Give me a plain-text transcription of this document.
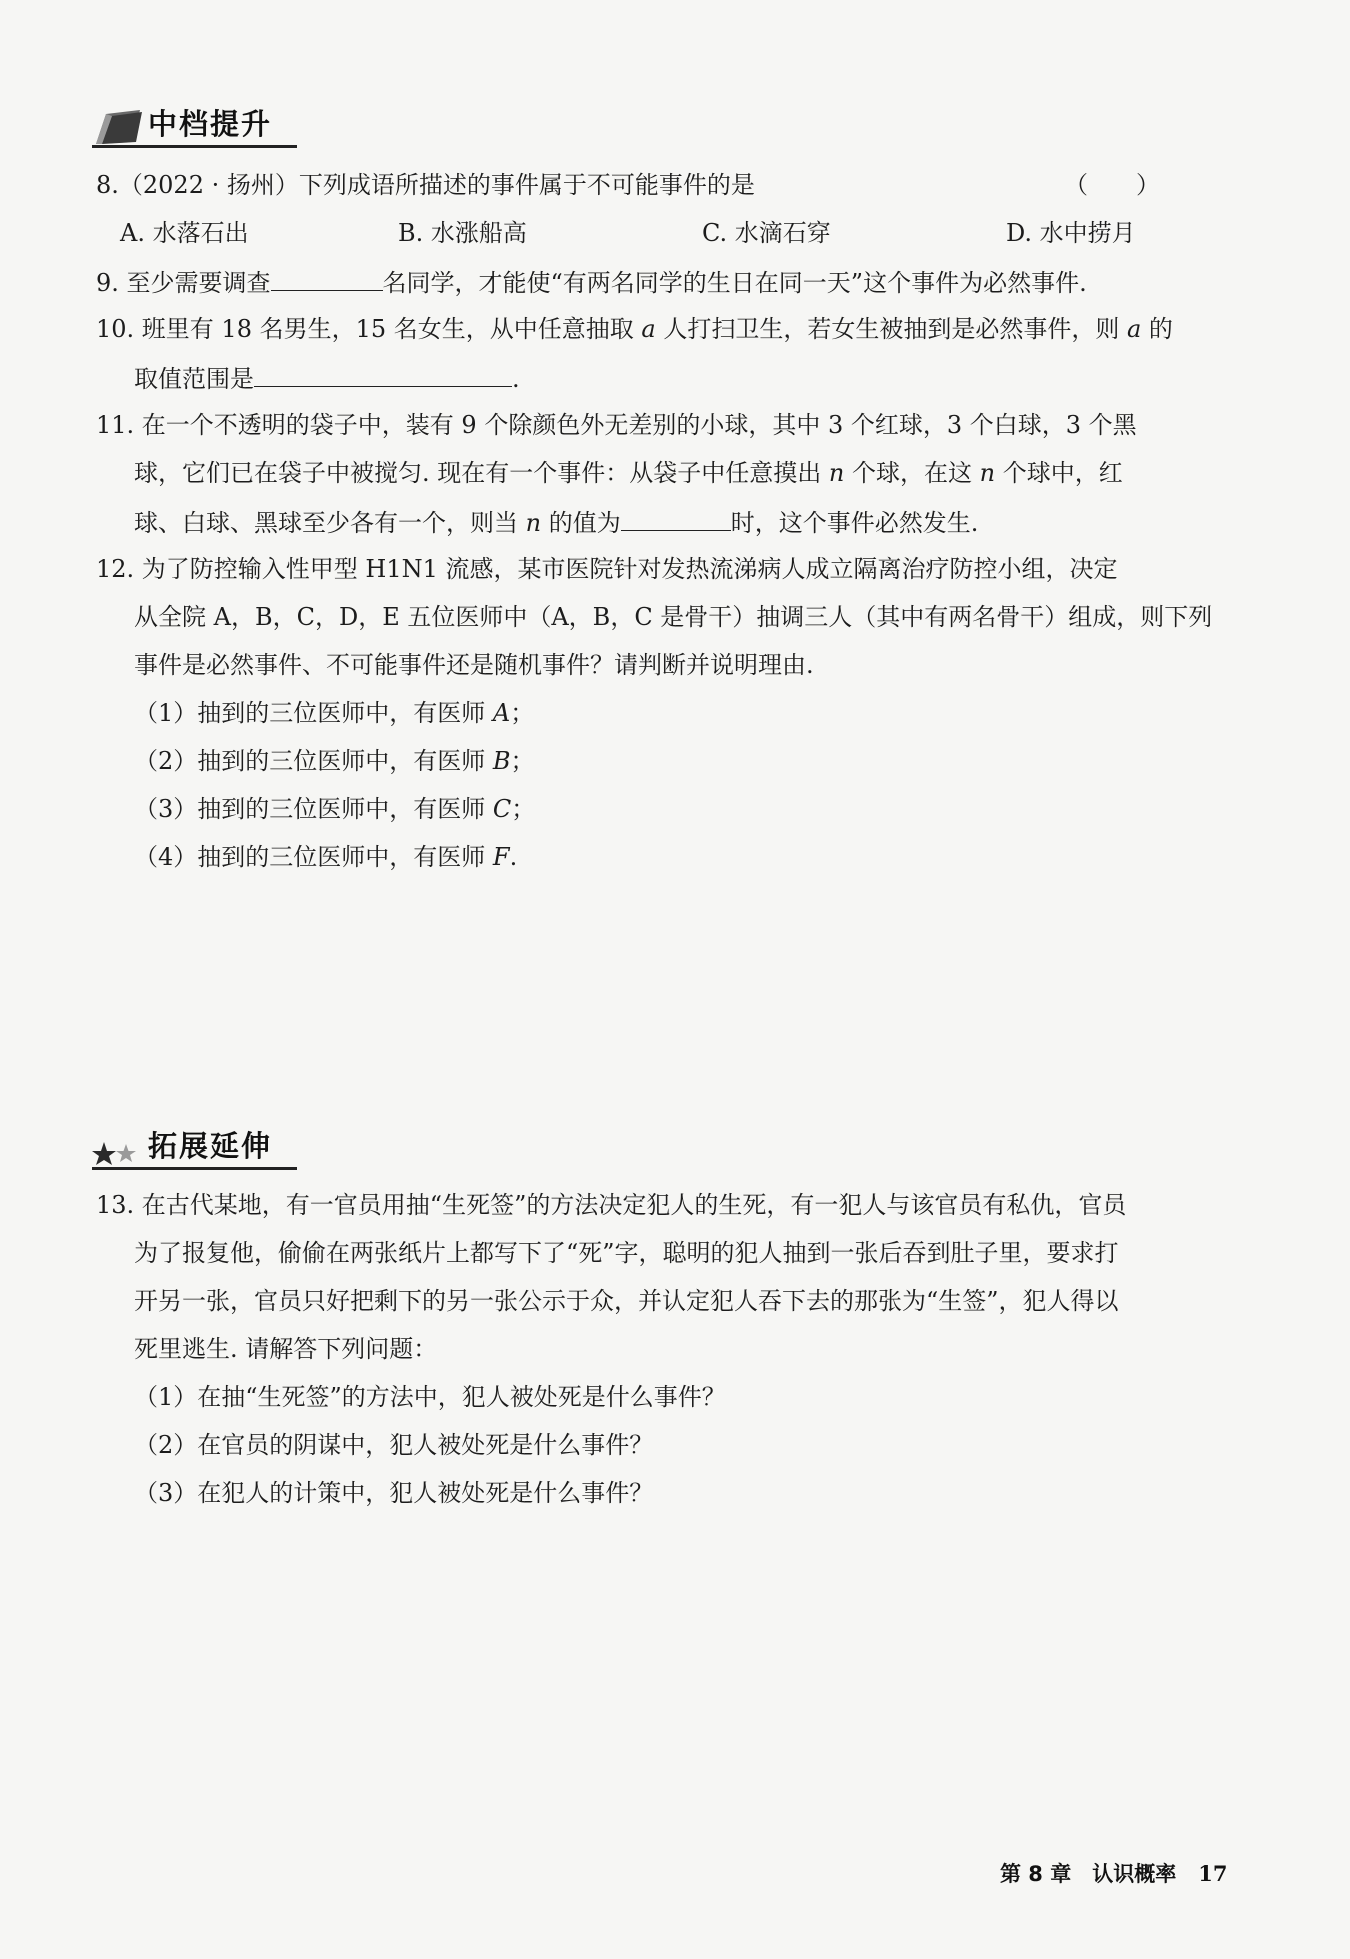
中档提升
8.（2022 · 扬州）下列成语所描述的事件属于不可能事件的是	（　　）
A. 水落石出	B. 水涨船高	C. 水滴石穿	D. 水中捞月
9. 至少需要调查	名同学，才能使“有两名同学的生日在同一天”这个事件为必然事件.
10. 班里有 18 名男生，15 名女生，从中任意抽取 a 人打扫卫生，若女生被抽到是必然事件，则 a 的
取值范围是	.
11. 在一个不透明的袋子中，装有 9 个除颜色外无差别的小球，其中 3 个红球，3 个白球，3 个黑
球，它们已在袋子中被搅匀. 现在有一个事件：从袋子中任意摸出 n 个球，在这 n 个球中，红
球、白球、黑球至少各有一个，则当 n 的值为	时，这个事件必然发生.
12. 为了防控输入性甲型 H1N1 流感，某市医院针对发热流涕病人成立隔离治疗防控小组，决定
从全院 A，B，C，D，E 五位医师中（A，B，C 是骨干）抽调三人（其中有两名骨干）组成，则下列
事件是必然事件、不可能事件还是随机事件？请判断并说明理由.
（1）抽到的三位医师中，有医师 A；
（2）抽到的三位医师中，有医师 B；
（3）抽到的三位医师中，有医师 C；
（4）抽到的三位医师中，有医师 F.
拓展延伸
13. 在古代某地，有一官员用抽“生死签”的方法决定犯人的生死，有一犯人与该官员有私仇，官员
为了报复他，偷偷在两张纸片上都写下了“死”字，聪明的犯人抽到一张后吞到肚子里，要求打
开另一张，官员只好把剩下的另一张公示于众，并认定犯人吞下去的那张为“生签”，犯人得以
死里逃生. 请解答下列问题：
（1）在抽“生死签”的方法中，犯人被处死是什么事件？
（2）在官员的阴谋中，犯人被处死是什么事件？
（3）在犯人的计策中，犯人被处死是什么事件？
第 8 章　认识概率 17
